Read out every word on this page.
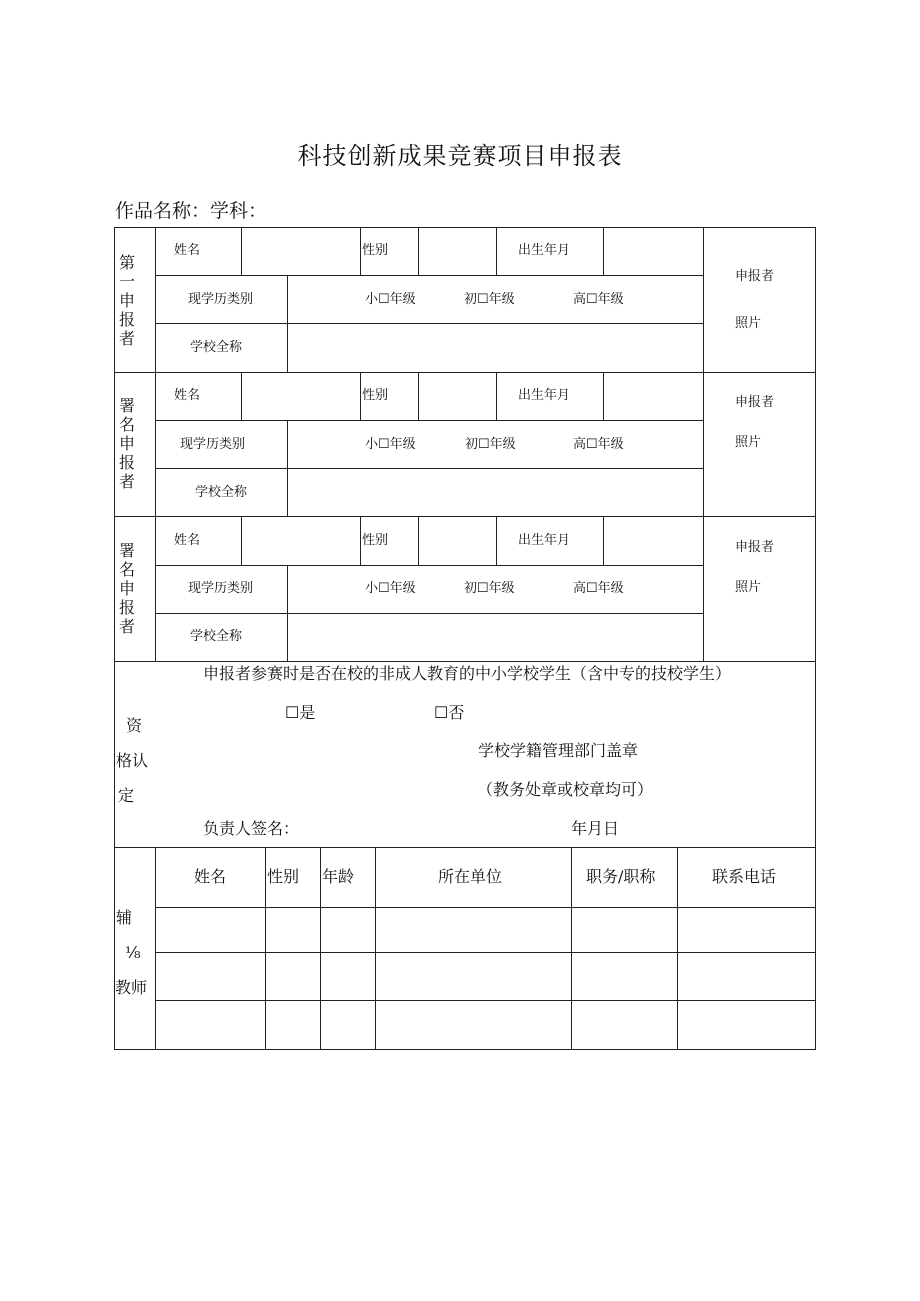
科技创新成果竞赛项目申报表
作品名称：学科：
第
一
申
报
者
姓名	性别	出生年月
现学历类别	小☐年级	初☐年级	高☐年级
学校全称
申报者
照片
署
名
申
报
者
姓名	性别	出生年月
现学历类别	小☐年级	初☐年级	高☐年级
学校全称
申报者
照片
署
名
申
报
者
姓名	性别	出生年月
现学历类别	小☐年级	初☐年级	高☐年级
学校全称
申报者
照片
资
格认
定
申报者参赛时是否在校的非成人教育的中小学校学生（含中专的技校学生）
☐是	☐否
学校学籍管理部门盖章
（教务处章或校章均可）
负责人签名：	年月日
辅
⅛
教师
姓名	性别 年龄	所在单位	职务/职称	联系电话
